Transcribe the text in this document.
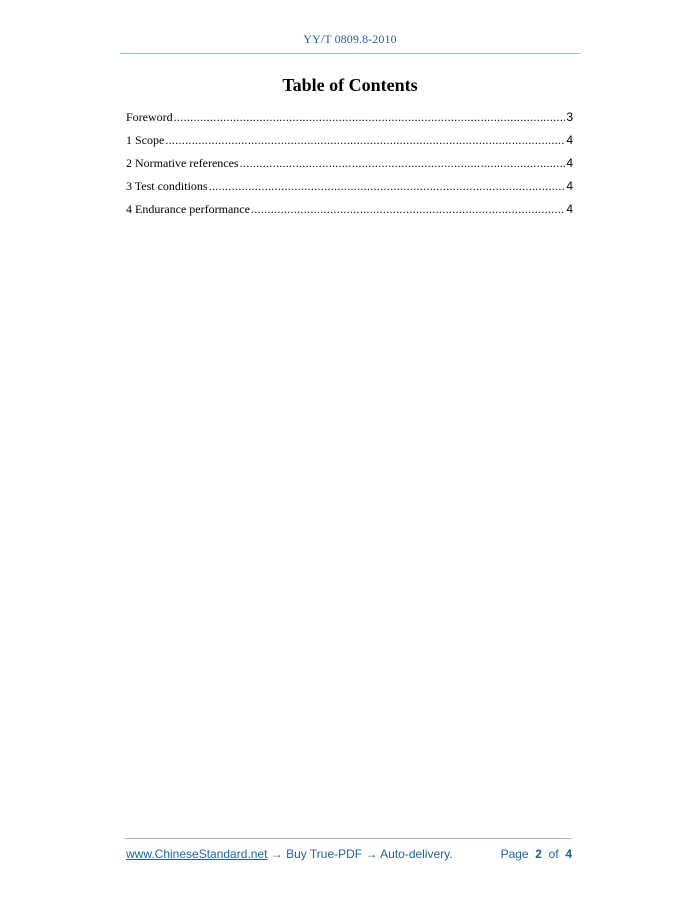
YY/T 0809.8-2010
Table of Contents
Foreword .....	3
1 Scope .....	4
2 Normative references .....	4
3 Test conditions .....	4
4 Endurance performance .....	4
www.ChineseStandard.net → Buy True-PDF → Auto-delivery.	Page 2 of 4
